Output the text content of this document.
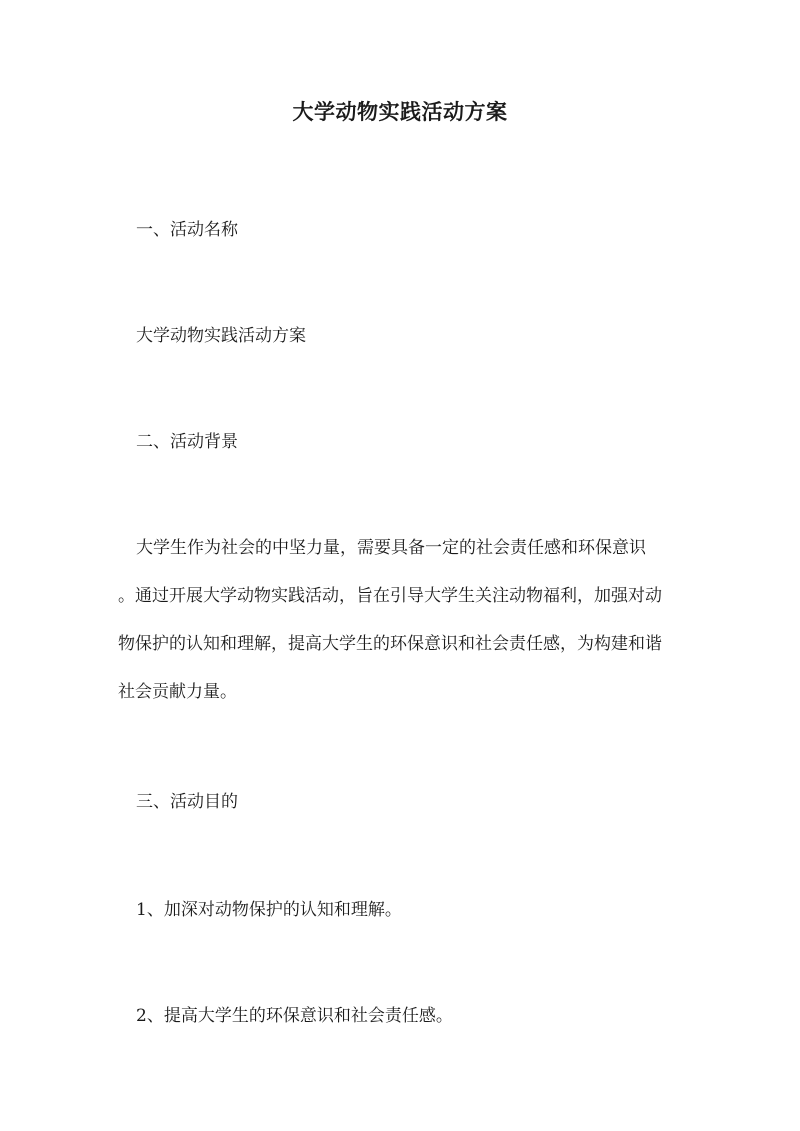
大学动物实践活动方案
一、活动名称
大学动物实践活动方案
二、活动背景
大学生作为社会的中坚力量，需要具备一定的社会责任感和环保意识
。通过开展大学动物实践活动，旨在引导大学生关注动物福利，加强对动
物保护的认知和理解，提高大学生的环保意识和社会责任感，为构建和谐
社会贡献力量。
三、活动目的
1、加深对动物保护的认知和理解。
2、提高大学生的环保意识和社会责任感。
